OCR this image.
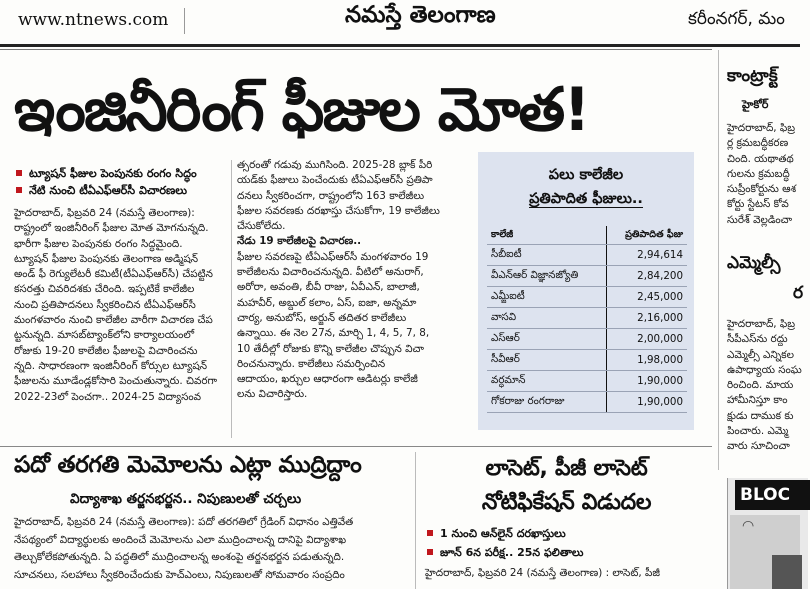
www.ntnews.com	నమస్తే తెలంగాణ	కరీంనగర్, మం
ఇంజినీరింగ్ ఫీజుల మోత!
ట్యూషన్ ఫీజుల పెంపునకు రంగం సిద్ధం
నేటి నుంచి టీఏఎఫ్‌ఆర్‌సీ విచారణలు
హైదరాబాద్, ఫిబ్రవరి 24 (నమస్తే తెలంగాణ):
రాష్ట్రంలో ఇంజినీరింగ్ ఫీజుల మోత మోగనున్నది.
భారీగా ఫీజుల పెంపునకు రంగం సిద్ధమైంది.
ట్యూషన్ ఫీజుల పెంపునకు తెలంగాణ అడ్మిషన్
అండ్ ఫీ రెగ్యులేటరీ కమిటీ(టీఏఎఫ్‌ఆర్‌సీ) చేపట్టిన
కసరత్తు చివరిదశకు చేరింది. ఇప్పటికే కాలేజీల
నుంచి ప్రతిపాదనలు స్వీకరించిన టీఏఎఫ్‌ఆర్‌సీ
మంగళవారం నుంచి కాలేజీల వారీగా విచారణ చేప
ట్టనున్నది. మాసబ్‌ట్యాంక్‌లోని కార్యాలయంలో
రోజుకు 19-20 కాలేజీల ఫీజులపై విచారించను
న్నది. సాధారణంగా ఇంజినీరింగ్ కోర్సుల ట్యూషన్
ఫీజులను మూడేండ్లకోసారి పెంచుతున్నారు. చివరగా
2022-23లో పెంచగా.. 2024-25 విద్యాసంవ
త్సరంతో గడువు ముగిసింది. 2025-28 బ్లాక్ పీరి
యడ్‌కు ఫీజులు పెంచేందుకు టీఏఎఫ్‌ఆర్‌సీ ప్రతిపా
దనలు స్వీకరించగా, రాష్ట్రంలోని 163 కాలేజీలు
ఫీజుల సవరణకు దరఖాస్తు చేసుకోగా, 19 కాలేజీలు
చేసుకోలేదు.
నేడు 19 కాలేజీలపై విచారణ..
ఫీజుల సవరణపై టీఏఎఫ్‌ఆర్‌సీ మంగళవారం 19
కాలేజీలను విచారించనున్నది. వీటిలో అనురాగ్,
అరోరా, అవంతి, బీవీ రాజు, ఏవీఎన్, బాలాజీ,
మహవీర్, అబ్దుల్ కలాం, ఏస్, ఐజా, అన్నమా
చార్య, అనుబోస్, అర్జున్ తదితర కాలేజీలు
ఉన్నాయి. ఈ నెల 27న, మార్చి 1, 4, 5, 7, 8,
10 తేదీల్లో రోజుకు కొన్ని కాలేజీల చొప్పున విచా
రించనున్నారు. కాలేజీలు సమర్పించిన
ఆదాయం, ఖర్చుల ఆధారంగా ఆడిటర్లు కాలేజీ
లను విచారిస్తారు.
పలు కాలేజీల
ప్రతిపాదిత ఫీజులు..
కాలేజీ	ప్రతిపాదిత ఫీజు
సీబీఐటీ	2,94,614
వీఎన్‌ఆర్ విజ్ఞానజ్యోతి	2,84,200
ఎమ్జీఐటీ	2,45,000
వాసవి	2,16,000
ఎస్‌ఆర్	2,00,000
సీవీఆర్	1,98,000
వర్ధమాన్	1,90,000
గోకరాజు రంగరాజు	1,90,000
పదో తరగతి మెమోలను ఎట్లా ముద్రిద్దాం
విద్యాశాఖ తర్జనభర్జన.. నిపుణులతో చర్చలు
హైదరాబాద్, ఫిబ్రవరి 24 (నమస్తే తెలంగాణ): పదో తరగతిలో గ్రేడింగ్ విధానం ఎత్తివేత
నేపథ్యంలో విద్యార్థులకు అందించే మెమోలను ఎలా ముద్రించాలన్న దానిపై విద్యాశాఖ
తెల్చుకోలేకపోతున్నది. ఏ పద్ధతిలో ముద్రించాలన్న అంశంపై తర్జనభర్జన పడుతున్నది.
సూచనలు, సలహాలు స్వీకరించేందుకు హెచ్‌ఎంలు, నిపుణులతో సోమవారం సంప్రదిం
లాసెట్, పీజీ లాసెట్
నోటిఫికేషన్ విడుదల
1 నుంచి ఆన్‌లైన్ దరఖాస్తులు
జూన్ 6న పరీక్ష.. 25న ఫలితాలు
హైదరాబాద్, ఫిబ్రవరి 24 (నమస్తే తెలంగాణ) : లాసెట్, పీజీ
కాంట్రాక్ట్
హైకోర్
హైదరాబాద్, ఫిబ్ర
ర్ల క్రమబద్ధీకరణ
చింది. యథాతథ
గులను క్రమబద్ధీ
సుప్రీంకోర్టును ఆశ
కోర్టు స్టేటస్ కోవ
సురేశ్ వెల్లడించా
ఎమ్మెల్సీ
ర
హైదరాబాద్, ఫిబ్ర
సీపీఎస్‌ను రద్దు
ఎమ్మెల్సీ ఎన్నికల
ఉపాధ్యాయ సంఘ
రించింది. మాయ
హామీనిస్తూ కాం
క్షుడు దాముక కు
పించారు. ఎమ్మె
వారు సూచించా
BLOC
◠
